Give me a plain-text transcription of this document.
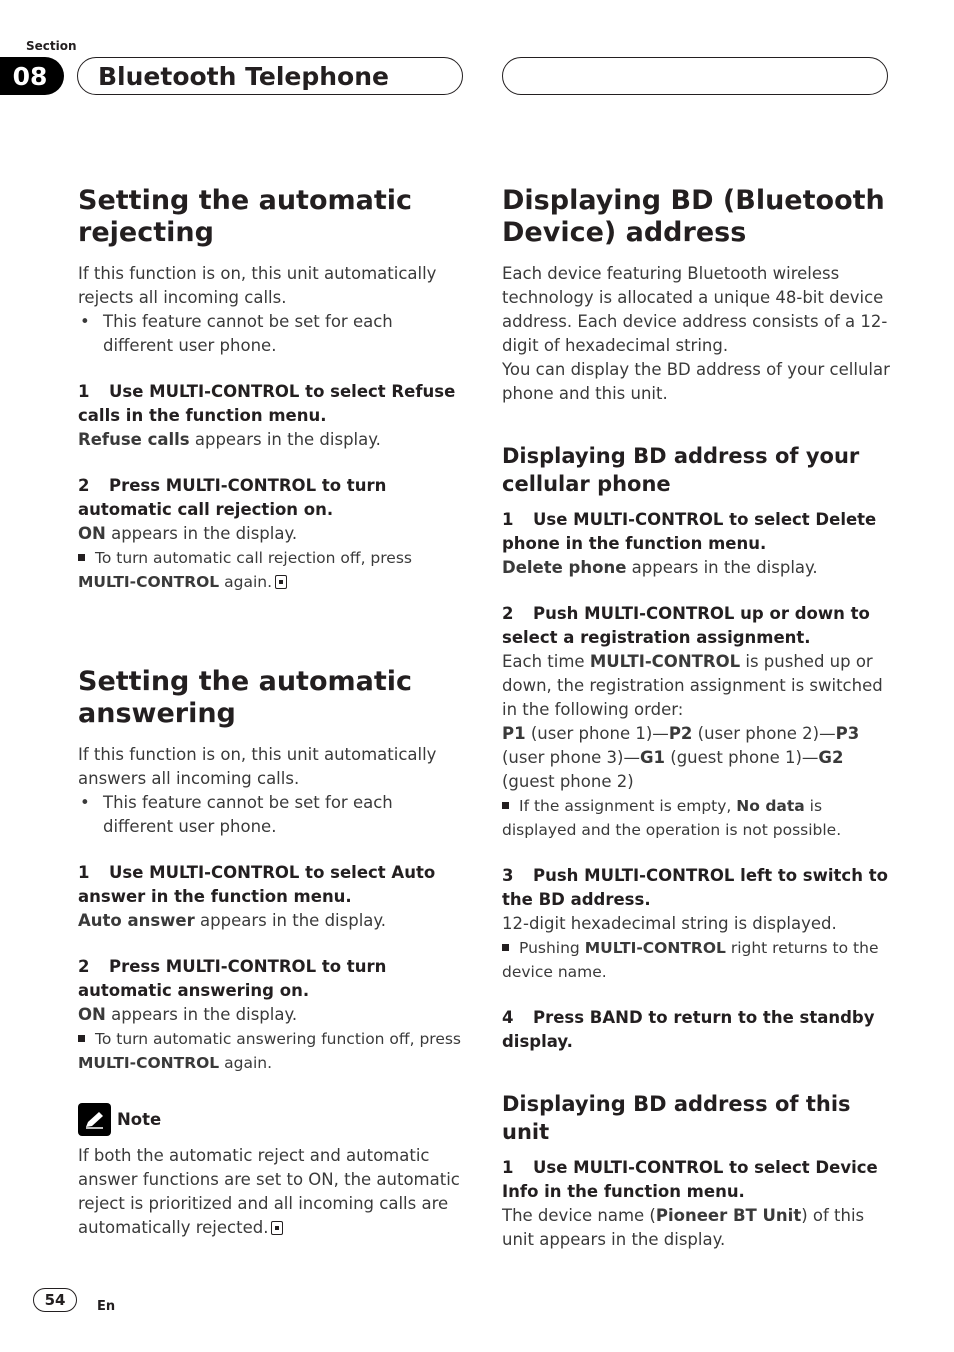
Section
08	Bluetooth Telephone
Setting the automatic rejecting

If this function is on, this unit automatically rejects all incoming calls.

• This feature cannot be set for each different user phone.

1 Use MULTI-CONTROL to select Refuse calls in the function menu.

Refuse calls appears in the display.

2 Press MULTI-CONTROL to turn automatic call rejection on.

ON appears in the display.

To turn automatic call rejection off, press MULTI-CONTROL again.

Setting the automatic answering

If this function is on, this unit automatically answers all incoming calls.

• This feature cannot be set for each different user phone.

1 Use MULTI-CONTROL to select Auto answer in the function menu.

Auto answer appears in the display.

2 Press MULTI-CONTROL to turn automatic answering on.

ON appears in the display.

To turn automatic answering function off, press MULTI-CONTROL again.

Note

If both the automatic reject and automatic answer functions are set to ON, the automatic reject is prioritized and all incoming calls are automatically rejected.

Displaying BD (Bluetooth Device) address

Each device featuring Bluetooth wireless technology is allocated a unique 48-bit device address. Each device address consists of a 12-digit of hexadecimal string.

You can display the BD address of your cellular phone and this unit.

Displaying BD address of your cellular phone

1 Use MULTI-CONTROL to select Delete phone in the function menu.

Delete phone appears in the display.

2 Push MULTI-CONTROL up or down to select a registration assignment.

Each time MULTI-CONTROL is pushed up or down, the registration assignment is switched in the following order:

P1 (user phone 1)—P2 (user phone 2)—P3 (user phone 3)—G1 (guest phone 1)—G2 (guest phone 2)

If the assignment is empty, No data is displayed and the operation is not possible.

3 Push MULTI-CONTROL left to switch to the BD address.

12-digit hexadecimal string is displayed.

Pushing MULTI-CONTROL right returns to the device name.

4 Press BAND to return to the standby display.

Displaying BD address of this unit

1 Use MULTI-CONTROL to select Device Info in the function menu.

The device name (Pioneer BT Unit) of this unit appears in the display.

54	En
